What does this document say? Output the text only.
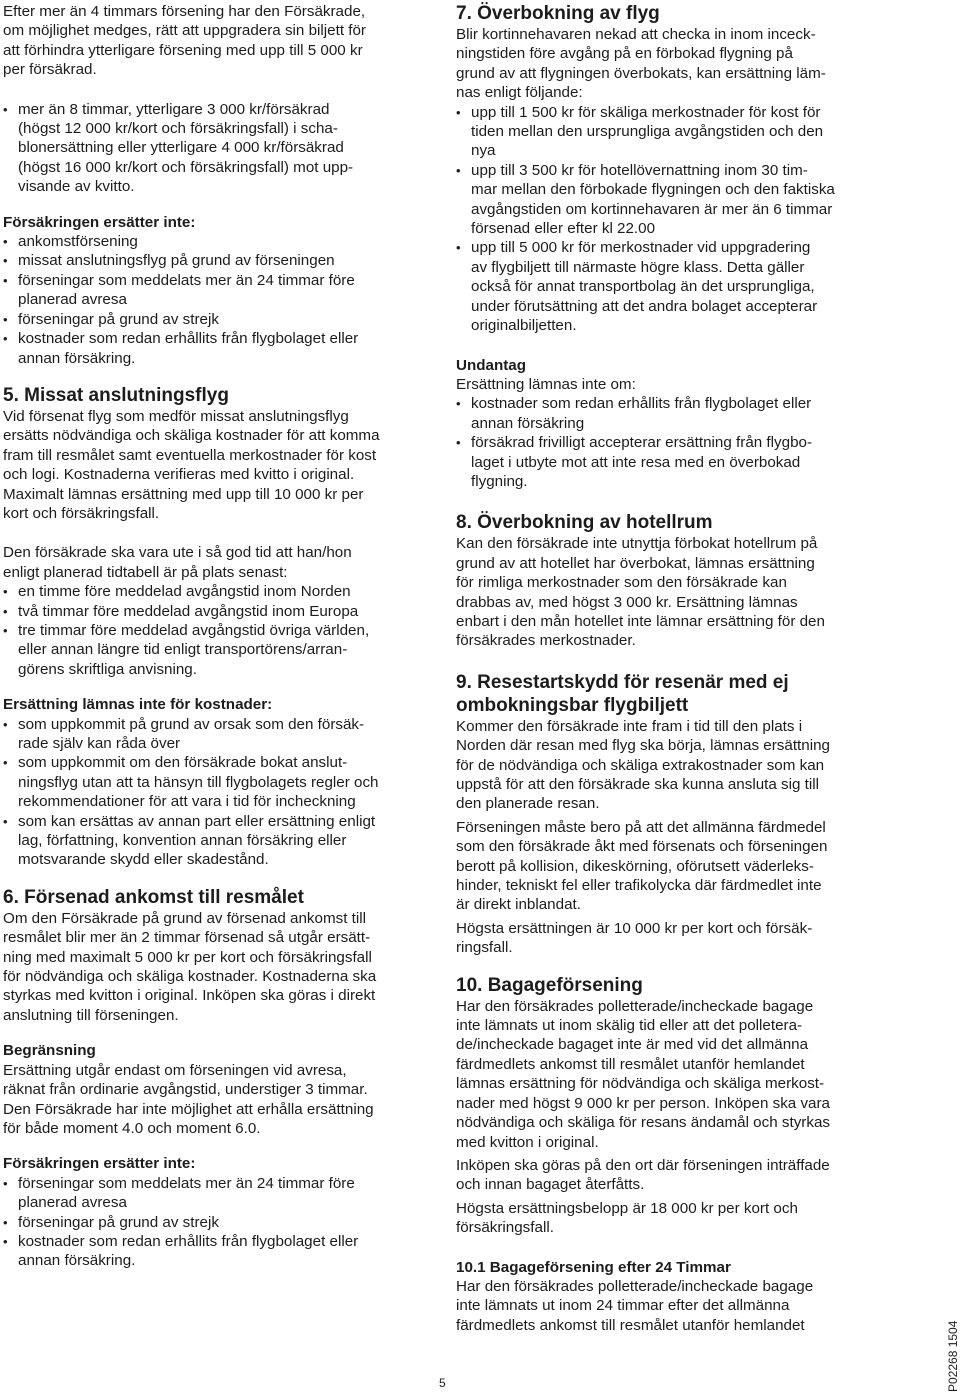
Efter mer än 4 timmars försening har den Försäkrade,
om möjlighet medges, rätt att uppgradera sin biljett för
att förhindra ytterligare försening med upp till 5 000 kr
per försäkrad.

• mer än 8 timmar, ytterligare 3 000 kr/försäkrad
(högst 12 000 kr/kort och försäkringsfall) i scha-
blonersättning eller ytterligare 4 000 kr/försäkrad
(högst 16 000 kr/kort och försäkringsfall) mot upp-
visande av kvitto.
Försäkringen ersätter inte:
• ankomstförsening
• missat anslutningsflyg på grund av förseningen
• förseningar som meddelats mer än 24 timmar före
planerad avresa
• förseningar på grund av strejk
• kostnader som redan erhållits från flygbolaget eller
annan försäkring.
5. Missat anslutningsflyg

Vid försenat flyg som medför missat anslutningsflyg
ersätts nödvändiga och skäliga kostnader för att komma
fram till resmålet samt eventuella merkostnader för kost
och logi. Kostnaderna verifieras med kvitto i original.
Maximalt lämnas ersättning med upp till 10 000 kr per
kort och försäkringsfall.

Den försäkrade ska vara ute i så god tid att han/hon
enligt planerad tidtabell är på plats senast:

• en timme före meddelad avgångstid inom Norden
• två timmar före meddelad avgångstid inom Europa
• tre timmar före meddelad avgångstid övriga världen,
eller annan längre tid enligt transportörens/arran-
görens skriftliga anvisning.
Ersättning lämnas inte för kostnader:
• som uppkommit på grund av orsak som den försäk-
rade själv kan råda över
• som uppkommit om den försäkrade bokat anslut-
ningsflyg utan att ta hänsyn till flygbolagets regler och
rekommendationer för att vara i tid för incheckning
• som kan ersättas av annan part eller ersättning enligt
lag, författning, konvention annan försäkring eller
motsvarande skydd eller skadestånd.
6. Försenad ankomst till resmålet

Om den Försäkrade på grund av försenad ankomst till
resmålet blir mer än 2 timmar försenad så utgår ersätt-
ning med maximalt 5 000 kr per kort och försäkringsfall
för nödvändiga och skäliga kostnader. Kostnaderna ska
styrkas med kvitton i original. Inköpen ska göras i direkt
anslutning till förseningen.

Begränsning

Ersättning utgår endast om förseningen vid avresa,
räknat från ordinarie avgångstid, understiger 3 timmar.
Den Försäkrade har inte möjlighet att erhålla ersättning
för både moment 4.0 och moment 6.0.

Försäkringen ersätter inte:
• förseningar som meddelats mer än 24 timmar före
planerad avresa
• förseningar på grund av strejk
• kostnader som redan erhållits från flygbolaget eller
annan försäkring.
7. Överbokning av flyg

Blir kortinnehavaren nekad att checka in inom inceck-
ningstiden före avgång på en förbokad flygning på
grund av att flygningen överbokats, kan ersättning läm-
nas enligt följande:

• upp till 1 500 kr för skäliga merkostnader för kost för
tiden mellan den ursprungliga avgångstiden och den
nya
• upp till 3 500 kr för hotellövernattning inom 30 tim-
mar mellan den förbokade flygningen och den faktiska
avgångstiden om kortinnehavaren är mer än 6 timmar
försenad eller efter kl 22.00
• upp till 5 000 kr för merkostnader vid uppgradering
av flygbiljett till närmaste högre klass. Detta gäller
också för annat transportbolag än det ursprungliga,
under förutsättning att det andra bolaget accepterar
originalbiljetten.
Undantag

Ersättning lämnas inte om:

• kostnader som redan erhållits från flygbolaget eller
annan försäkring
• försäkrad frivilligt accepterar ersättning från flygbo-
laget i utbyte mot att inte resa med en överbokad
flygning.
8. Överbokning av hotellrum

Kan den försäkrade inte utnyttja förbokat hotellrum på
grund av att hotellet har överbokat, lämnas ersättning
för rimliga merkostnader som den försäkrade kan
drabbas av, med högst 3 000 kr. Ersättning lämnas
enbart i den mån hotellet inte lämnar ersättning för den
försäkrades merkostnader.

9. Resestartskydd för resenär med ej
ombokningsbar flygbiljett

Kommer den försäkrade inte fram i tid till den plats i
Norden där resan med flyg ska börja, lämnas ersättning
för de nödvändiga och skäliga extrakostnader som kan
uppstå för att den försäkrade ska kunna ansluta sig till
den planerade resan.

Förseningen måste bero på att det allmänna färdmedel
som den försäkrade åkt med försenats och förseningen
berott på kollision, dikeskörning, oförutsett väderleks-
hinder, tekniskt fel eller trafikolycka där färdmedlet inte
är direkt inblandat.

Högsta ersättningen är 10 000 kr per kort och försäk-
ringsfall.

10. Bagageförsening

Har den försäkrades polletterade/incheckade bagage
inte lämnats ut inom skälig tid eller att det polletera-
de/incheckade bagaget inte är med vid det allmänna
färdmedlets ankomst till resmålet utanför hemlandet
lämnas ersättning för nödvändiga och skäliga merkost-
nader med högst 9 000 kr per person. Inköpen ska vara
nödvändiga och skäliga för resans ändamål och styrkas
med kvitton i original.

Inköpen ska göras på den ort där förseningen inträffade
och innan bagaget återfåtts.

Högsta ersättningsbelopp är 18 000 kr per kort och
försäkringsfall.

10.1 Bagageförsening efter 24 Timmar

Har den försäkrades polletterade/incheckade bagage
inte lämnats ut inom 24 timmar efter det allmänna
färdmedlets ankomst till resmålet utanför hemlandet

5	P02268 1504
